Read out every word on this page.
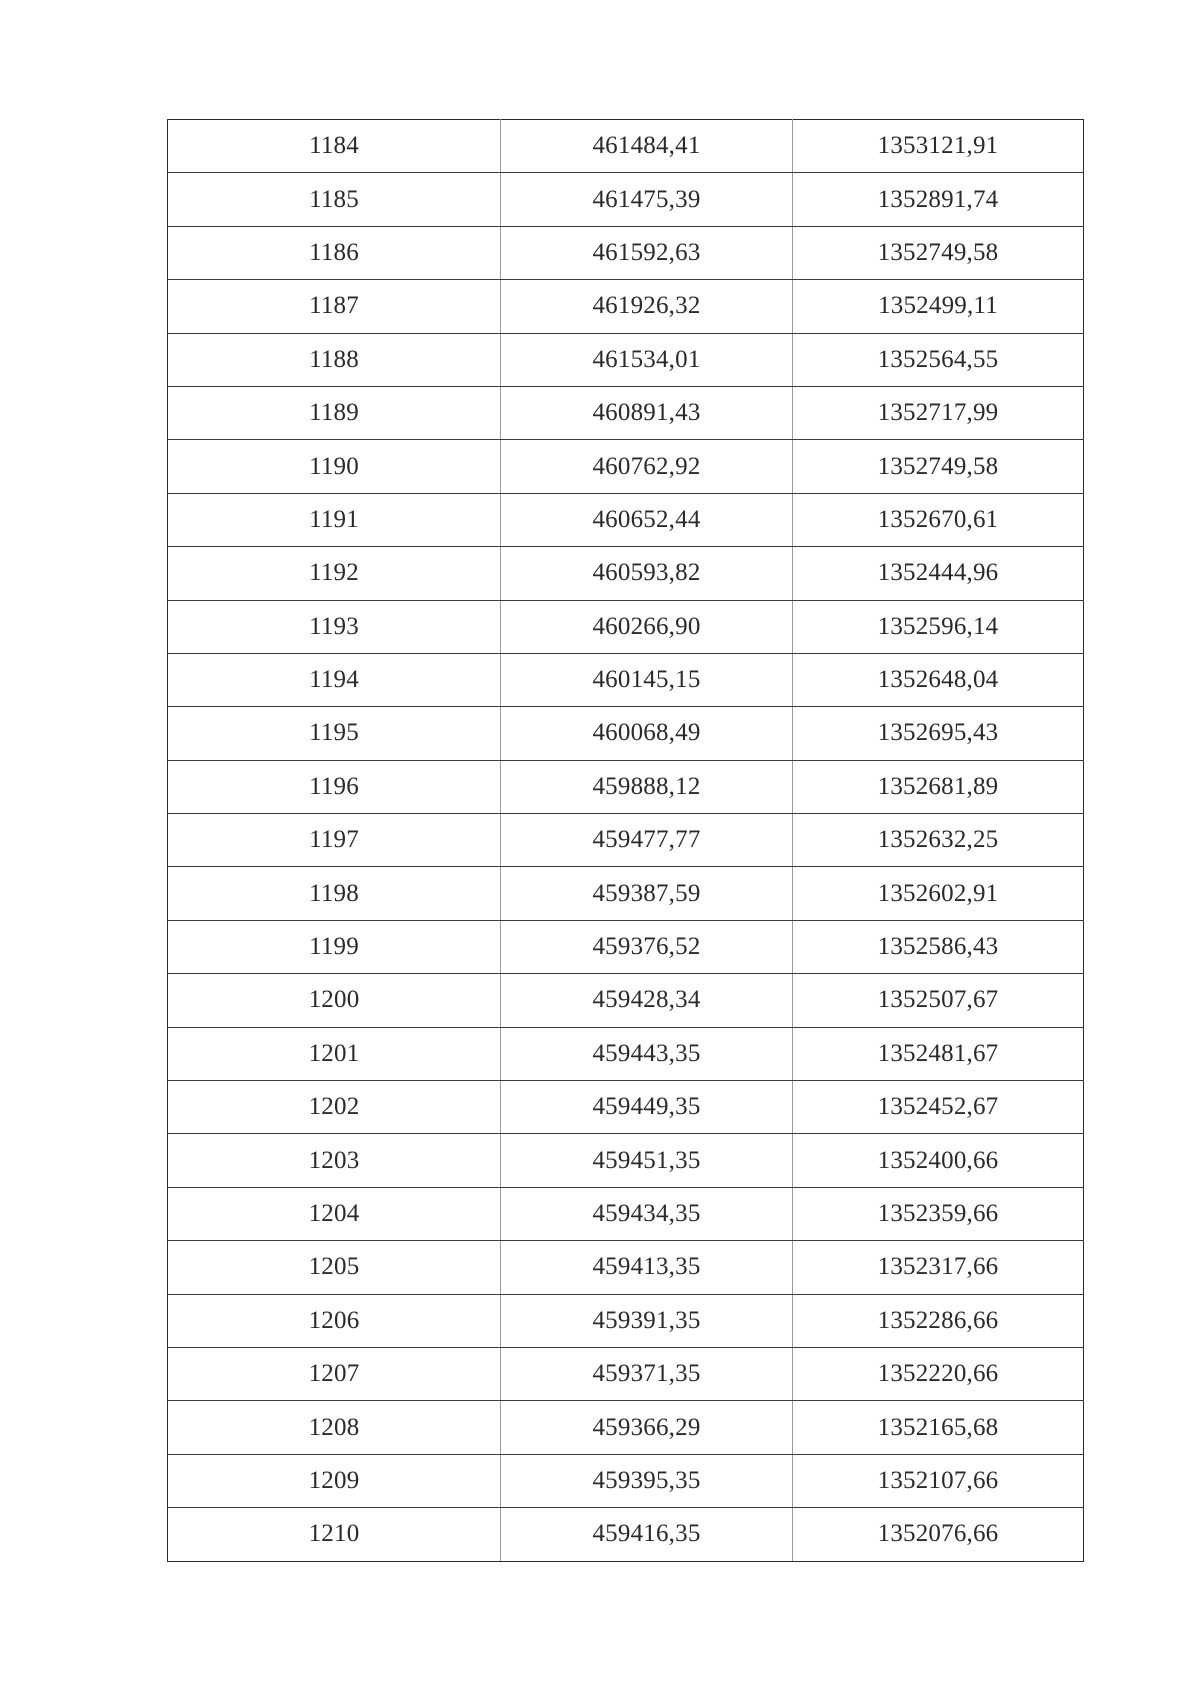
1184	461484,41	1353121,91
1185	461475,39	1352891,74
1186	461592,63	1352749,58
1187	461926,32	1352499,11
1188	461534,01	1352564,55
1189	460891,43	1352717,99
1190	460762,92	1352749,58
1191	460652,44	1352670,61
1192	460593,82	1352444,96
1193	460266,90	1352596,14
1194	460145,15	1352648,04
1195	460068,49	1352695,43
1196	459888,12	1352681,89
1197	459477,77	1352632,25
1198	459387,59	1352602,91
1199	459376,52	1352586,43
1200	459428,34	1352507,67
1201	459443,35	1352481,67
1202	459449,35	1352452,67
1203	459451,35	1352400,66
1204	459434,35	1352359,66
1205	459413,35	1352317,66
1206	459391,35	1352286,66
1207	459371,35	1352220,66
1208	459366,29	1352165,68
1209	459395,35	1352107,66
1210	459416,35	1352076,66
